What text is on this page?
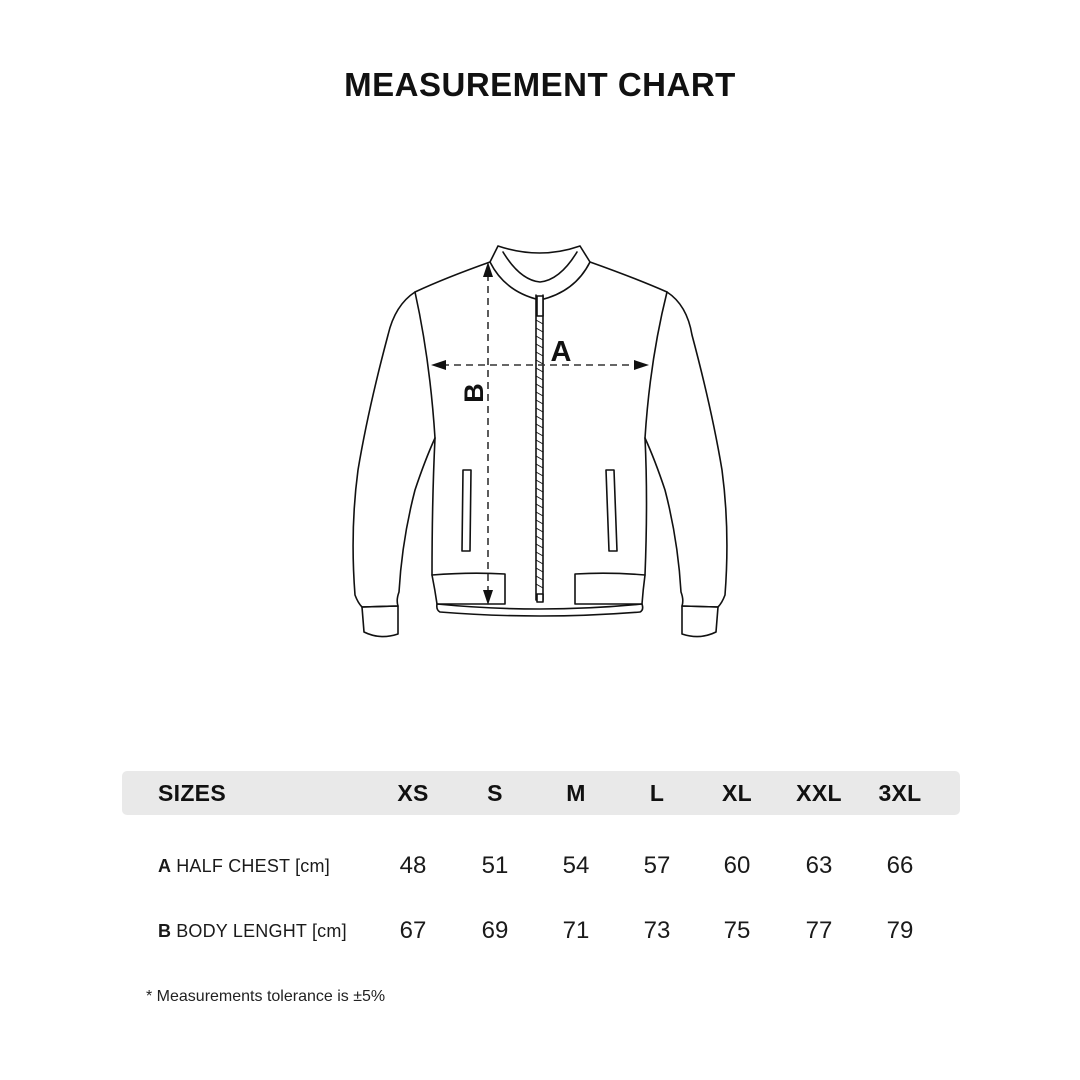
MEASUREMENT CHART
A
B
SIZES	XS	S	M	L	XL	XXL	3XL
A HALF CHEST [cm]	48	51	54	57	60	63	66
B BODY LENGHT [cm]	67	69	71	73	75	77	79
* Measurements tolerance is ±5%
